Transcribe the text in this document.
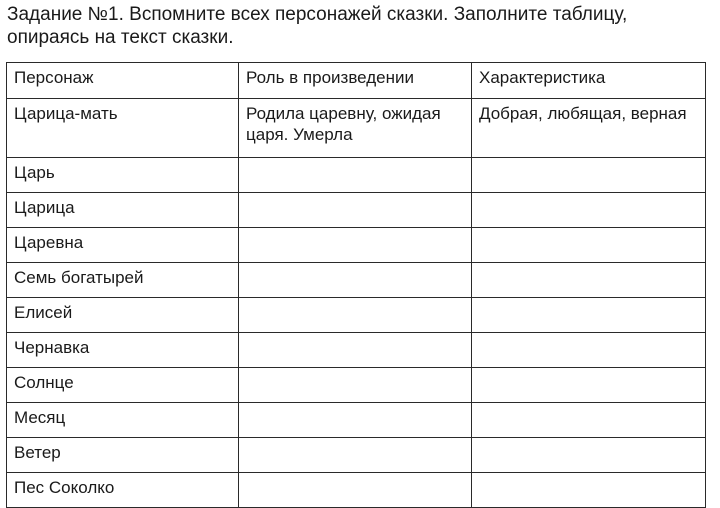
Задание №1. Вспомните всех персонажей сказки. Заполните таблицу,
опираясь на текст сказки.
Персонаж	Роль в произведении	Характеристика
Царица-мать	Родила царевну, ожидая царя. Умерла	Добрая, любящая, верная
Царь		
Царица		
Царевна		
Семь богатырей		
Елисей		
Чернавка		
Солнце		
Месяц		
Ветер		
Пес Соколко		
